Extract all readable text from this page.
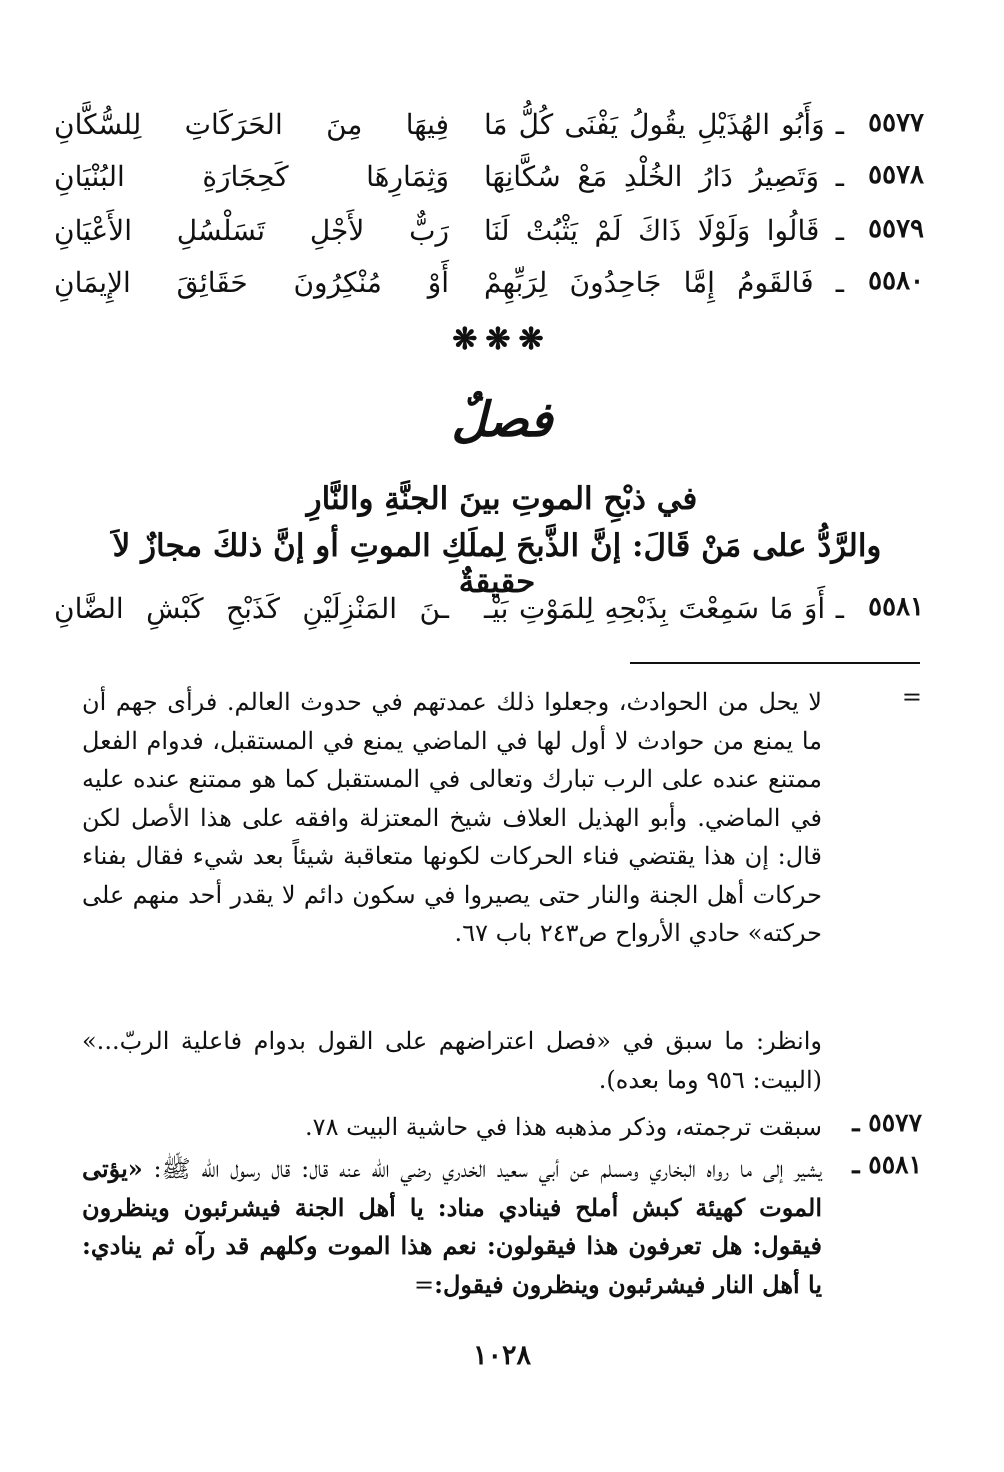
٥٥٧٧
ـ وَأَبُو الهُذَيْلِ يقُولُ يَفْنَى كُلُّ مَا
فِيهَا مِنَ الحَرَكَاتِ لِلسُّكَّانِ
٥٥٧٨
ـ وَتَصِيرُ دَارُ الخُلْدِ مَعْ سُكَّانِهَا
وَثِمَارِهَا كَحِجَارَةِ البُنْيَانِ
٥٥٧٩
ـ قَالُوا وَلَوْلَا ذَاكَ لَمْ يَثْبُتْ لَنَا
رَبٌّ لأَجْلِ تَسَلْسُلِ الأَعْيَانِ
٥٥٨٠
ـ فَالقَومُ إِمَّا جَاحِدُونَ لِرَبِّهِمْ
أَوْ مُنْكِرُونَ حَقَائِقَ الإِيمَانِ
❋❋❋
فصلٌ
في ذبْحِ الموتِ بينَ الجنَّةِ والنَّارِ
والرَّدُّ على مَنْ قَالَ: إنَّ الذَّبحَ لِملَكِ الموتِ أو إنَّ ذلكَ مجازٌ لاَ حقيقةٌ
٥٥٨١
ـ أَوَ مَا سَمِعْتَ بِذَبْحِهِ لِلمَوْتِ بَيْـ
ـنَ المَنْزِلَيْنِ كَذَبْحِ كَبْشِ الضَّانِ
=
لا يحل من الحوادث، وجعلوا ذلك عمدتهم في حدوث العالم. فرأى جهم أن ما يمنع من حوادث لا أول لها في الماضي يمنع في المستقبل، فدوام الفعل ممتنع عنده على الرب تبارك وتعالى في المستقبل كما هو ممتنع عنده عليه في الماضي. وأبو الهذيل العلاف شيخ المعتزلة وافقه على هذا الأصل لكن قال: إن هذا يقتضي فناء الحركات لكونها متعاقبة شيئاً بعد شيء فقال بفناء حركات أهل الجنة والنار حتى يصيروا في سكون دائم لا يقدر أحد منهم على حركته» حادي الأرواح ص٢٤٣ باب ٦٧.
وانظر: ما سبق في «فصل اعتراضهم على القول بدوام فاعلية الربّ...» (البيت: ٩٥٦ وما بعده).
٥٥٧٧ ـ
سبقت ترجمته، وذكر مذهبه هذا في حاشية البيت ٧٨.
٥٥٨١ ـ
يشير إلى ما رواه البخاري ومسلم عن أبي سعيد الخدري رضي الله عنه قال: قال رسول الله ﷺ: «يؤتى الموت كهيئة كبش أملح فينادي مناد: يا أهل الجنة فيشرئبون وينظرون فيقول: هل تعرفون هذا فيقولون: نعم هذا الموت وكلهم قد رآه ثم ينادي: يا أهل النار فيشرئبون وينظرون فيقول:=
١٠٢٨
